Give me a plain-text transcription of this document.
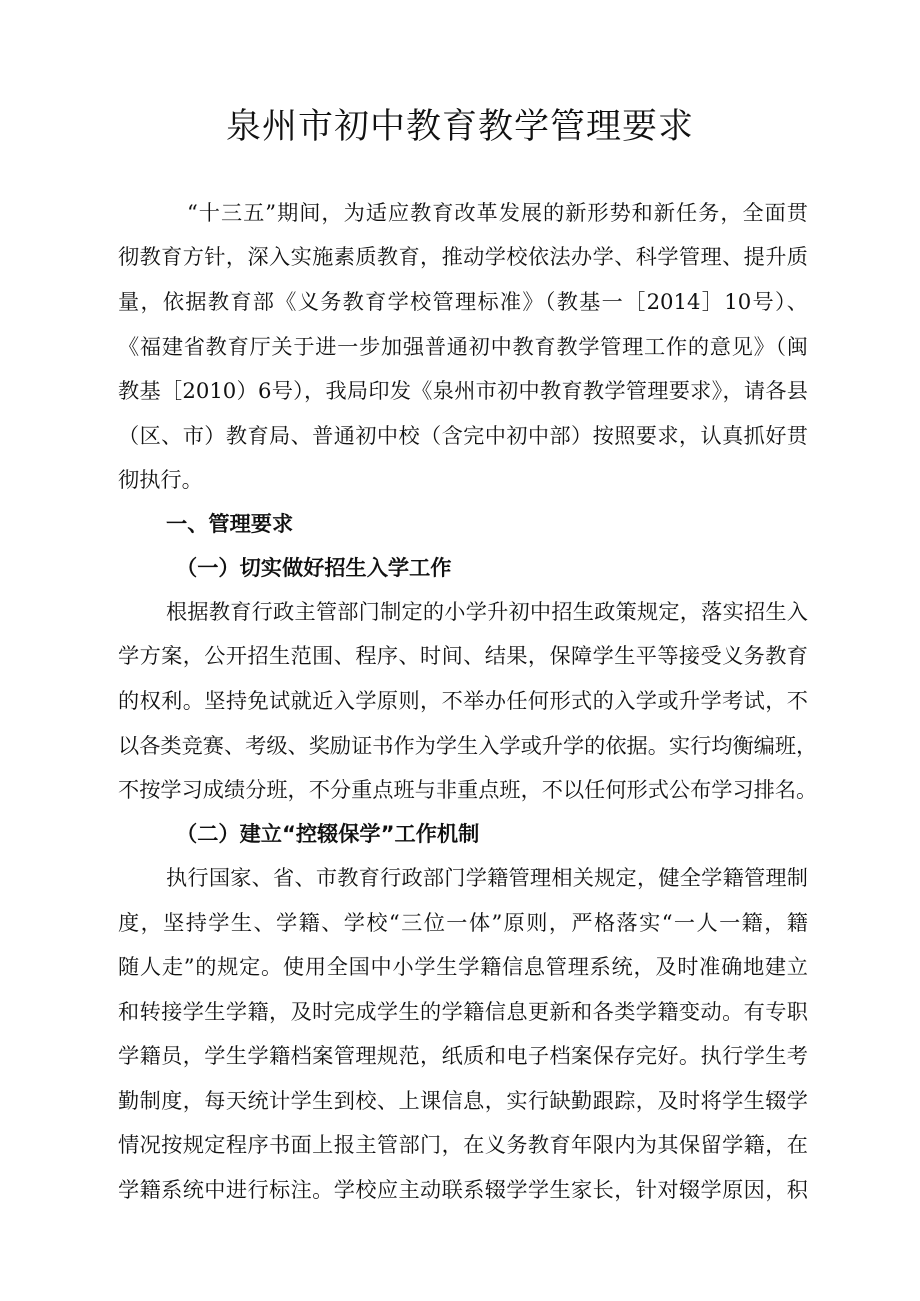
泉州市初中教育教学管理要求

“十三五”期间，为适应教育改革发展的新形势和新任务，全面贯

彻教育方针，深入实施素质教育，推动学校依法办学、科学管理、提升质

量，依据教育部《义务教育学校管理标准》（教基一［2014］10号）、

《福建省教育厅关于进一步加强普通初中教育教学管理工作的意见》（闽

教基［2010）6号），我局印发《泉州市初中教育教学管理要求》，请各县

（区、市）教育局、普通初中校（含完中初中部）按照要求，认真抓好贯

彻执行。

一、管理要求

（一）切实做好招生入学工作

根据教育行政主管部门制定的小学升初中招生政策规定，落实招生入

学方案，公开招生范围、程序、时间、结果，保障学生平等接受义务教育

的权利。坚持免试就近入学原则，不举办任何形式的入学或升学考试，不

以各类竞赛、考级、奖励证书作为学生入学或升学的依据。实行均衡编班，

不按学习成绩分班，不分重点班与非重点班，不以任何形式公布学习排名。

（二）建立“控辍保学”工作机制

执行国家、省、市教育行政部门学籍管理相关规定，健全学籍管理制

度，坚持学生、学籍、学校“三位一体”原则，严格落实“一人一籍，籍

随人走”的规定。使用全国中小学生学籍信息管理系统，及时准确地建立

和转接学生学籍，及时完成学生的学籍信息更新和各类学籍变动。有专职

学籍员，学生学籍档案管理规范，纸质和电子档案保存完好。执行学生考

勤制度，每天统计学生到校、上课信息，实行缺勤跟踪，及时将学生辍学

情况按规定程序书面上报主管部门，在义务教育年限内为其保留学籍，在

学籍系统中进行标注。学校应主动联系辍学学生家长，针对辍学原因，积
